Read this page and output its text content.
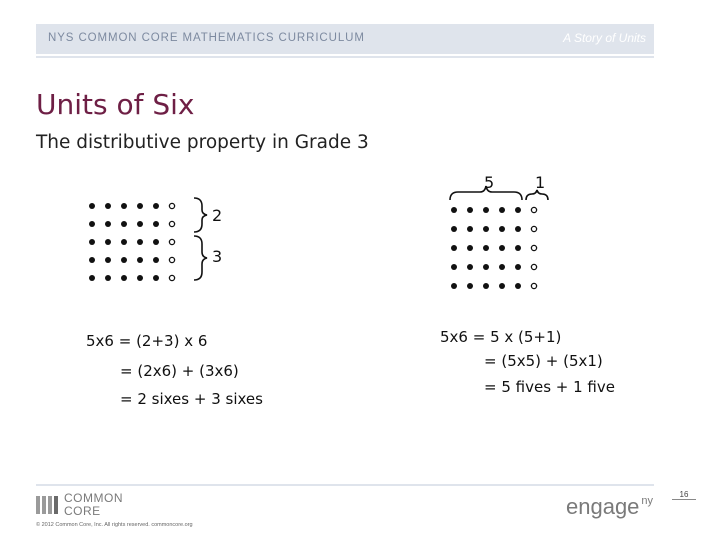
NYS COMMON CORE MATHEMATICS CURRICULUM	A Story of Units
Units of Six
The distributive property in Grade 3
2
3
5	1
5x6 = (2+3) x 6
= (2x6) + (3x6)
= 2 sixes + 3 sixes
5x6 = 5 x (5+1)
= (5x5) + (5x1)
= 5 fives + 1 five
COMMON
CORE
© 2012 Common Core, Inc. All rights reserved. commoncore.org
engage $^{ny}$
16
